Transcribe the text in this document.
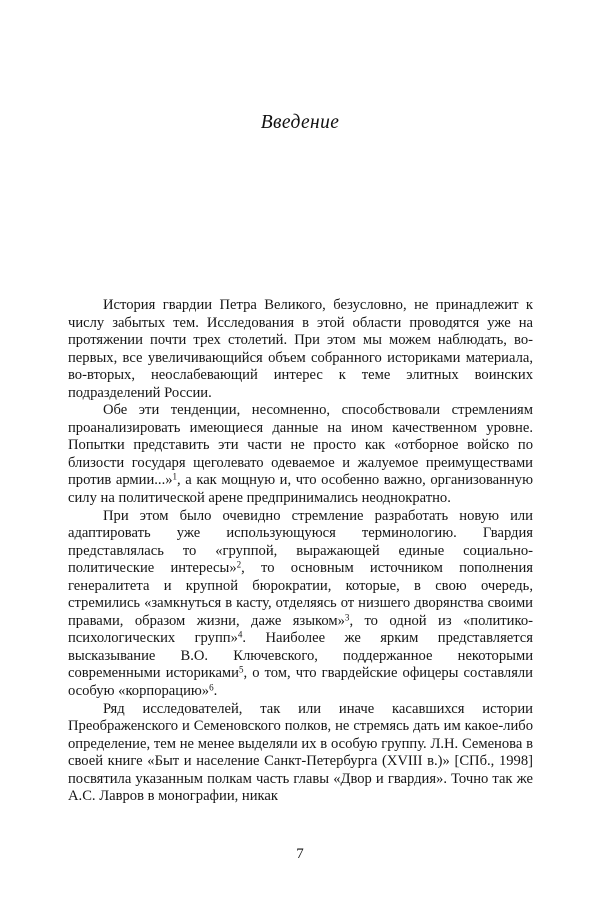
Введение

История гвардии Петра Великого, безусловно, не принадлежит к числу забытых тем. Исследования в этой области проводятся уже на протяжении почти трех столетий. При этом мы можем наблюдать, во-первых, все увеличивающийся объем собранного историками материала, во-вторых, неослабевающий интерес к теме элитных воинских подразделений России.

Обе эти тенденции, несомненно, способствовали стремлениям проанализировать имеющиеся данные на ином качественном уровне. Попытки представить эти части не просто как «отборное войско по близости государя щеголевато одеваемое и жалуемое преимуществами против армии...»$^1$, а как мощную и, что особенно важно, организованную силу на политической арене предпринимались неоднократно.

При этом было очевидно стремление разработать новую или адаптировать уже использующуюся терминологию. Гвардия представлялась то «группой, выражающей единые социально-политические интересы»$^2$, то основным источником пополнения генералитета и крупной бюрократии, которые, в свою очередь, стремились «замкнуться в касту, отделяясь от низшего дворянства своими правами, образом жизни, даже языком»$^3$, то одной из «политико-психологических групп»$^4$. Наиболее же ярким представляется высказывание В.О. Ключевского, поддержанное некоторыми современными историками$^5$, о том, что гвардейские офицеры составляли особую «корпорацию»$^6$.

Ряд исследователей, так или иначе касавшихся истории Преображенского и Семеновского полков, не стремясь дать им какое-либо определение, тем не менее выделяли их в особую группу. Л.Н. Семенова в своей книге «Быт и население Санкт-Петербурга (XVIII в.)» [СПб., 1998] посвятила указанным полкам часть главы «Двор и гвардия». Точно так же А.С. Лавров в монографии, никак

7
